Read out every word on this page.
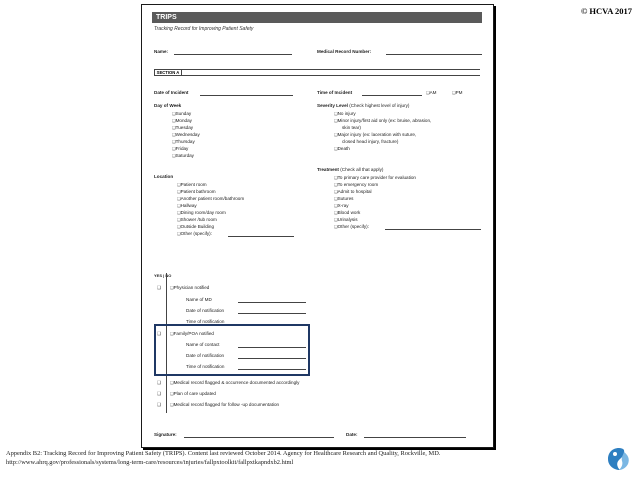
© HCVA 2017
TRIPS
Tracking Record for Improving Patient Safety
Name:	Medical Record Number:
SECTION A
Date of Incident	Time of Incident	❑ AM	❑ PM
Day of Week
❑ Sunday
❑ Monday
❑ Tuesday
❑ Wednesday
❑ Thursday
❑ Friday
❑ Saturday
Severity Level (Check highest level of injury)
❑ No injury
❑ Minor injury/first aid only (ex: bruise, abrasion,
skin tear)
❑ Major injury (ex: laceration with suture,
closed head injury, fracture)
❑ Death
Location
❑ Patient room
❑ Patient bathroom
❑ Another patient room/bathroom
❑ Hallway
❑ Dining room/day room
❑ Shower /tub room
❑ Outside Building
❑ Other (specify):
Treatment (Check all that apply)
❑ To primary care provider for evaluation
❑ To emergency room
❑ Admit to hospital
❑ Sutures
❑ X-ray
❑ Blood work
❑ Urinalysis
❑ Other (specify):
YES | NO
❑	❑ Physician notified
Name of MD
Date of notification
Time of notification
❑	❑ Family/POA notified
Name of contact
Date of notification
Time of notification
❑	❑ Medical record flagged & occurrence documented accordingly
❑	❑ Plan of care updated
❑	❑ Medical record flagged for follow -up documentation
Signature:	Date:
Appendix B2: Tracking Record for Improving Patient Safety (TRIPS). Content last reviewed October 2014. Agency for Healthcare Research and Quality, Rockville, MD.
http://www.ahrq.gov/professionals/systems/long-term-care/resources/injuries/fallpxtoolkit/fallpxtkapndxb2.html
